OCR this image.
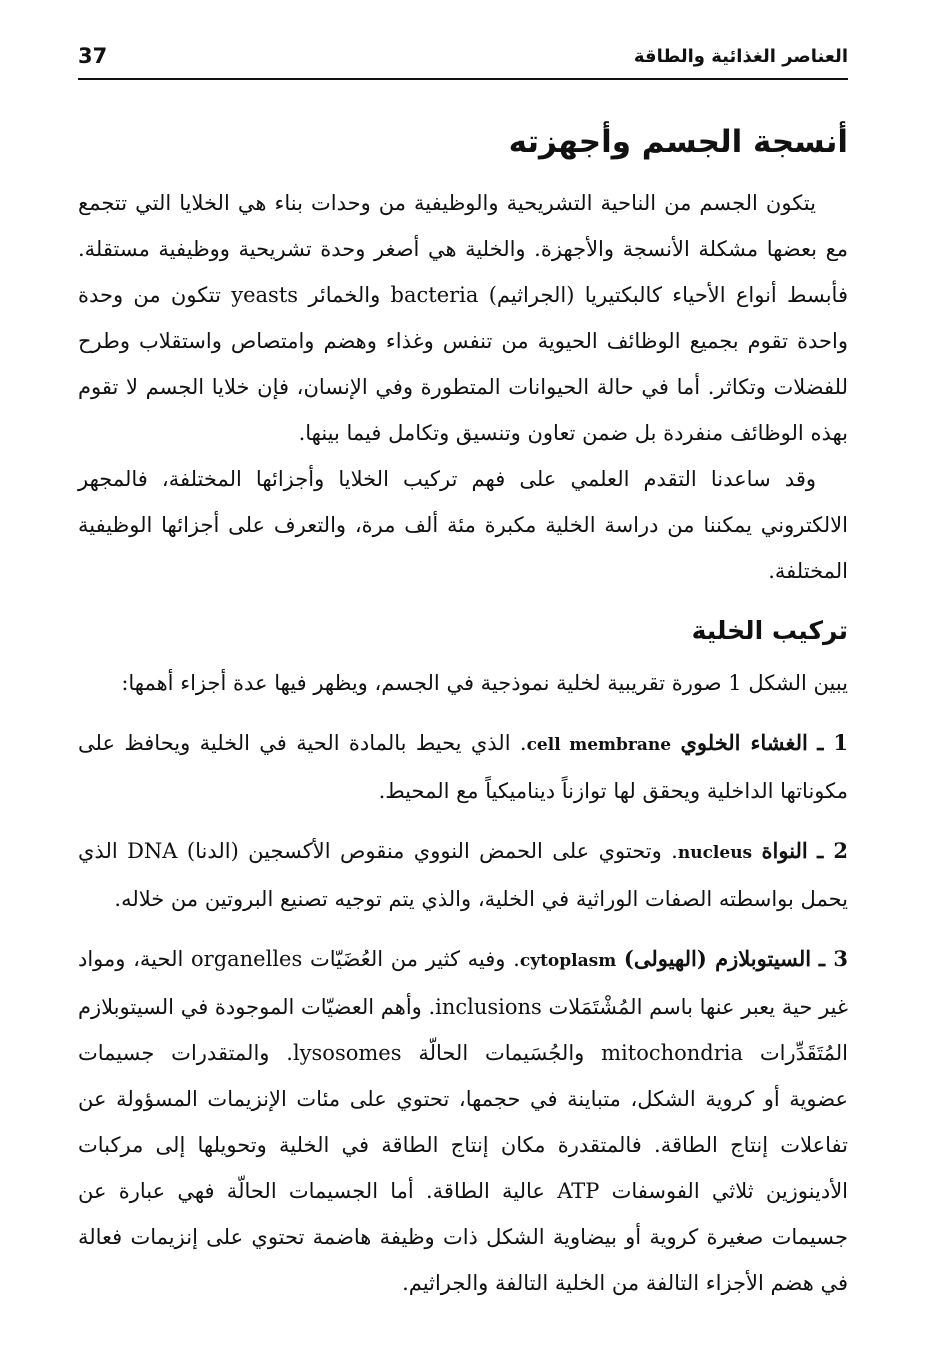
العناصر الغذائية والطاقة
37
أنسجة الجسم وأجهزته

يتكون الجسم من الناحية التشريحية والوظيفية من وحدات بناء هي الخلايا التي تتجمع مع بعضها مشكلة الأنسجة والأجهزة. والخلية هي أصغر وحدة تشريحية ووظيفية مستقلة. فأبسط أنواع الأحياء كالبكتيريا (الجراثيم) bacteria والخمائر yeasts تتكون من وحدة واحدة تقوم بجميع الوظائف الحيوية من تنفس وغذاء وهضم وامتصاص واستقلاب وطرح للفضلات وتكاثر. أما في حالة الحيوانات المتطورة وفي الإنسان، فإن خلايا الجسم لا تقوم بهذه الوظائف منفردة بل ضمن تعاون وتنسيق وتكامل فيما بينها.

وقد ساعدنا التقدم العلمي على فهم تركيب الخلايا وأجزائها المختلفة، فالمجهر الالكتروني يمكننا من دراسة الخلية مكبرة مئة ألف مرة، والتعرف على أجزائها الوظيفية المختلفة.

تركيب الخلية

يبين الشكل 1 صورة تقريبية لخلية نموذجية في الجسم، ويظهر فيها عدة أجزاء أهمها:

1 ـ الغشاء الخلوي cell membrane. الذي يحيط بالمادة الحية في الخلية ويحافظ على مكوناتها الداخلية ويحقق لها توازناً ديناميكياً مع المحيط.

2 ـ النواة nucleus. وتحتوي على الحمض النووي منقوص الأكسجين (الدنا) DNA الذي يحمل بواسطته الصفات الوراثية في الخلية، والذي يتم توجيه تصنيع البروتين من خلاله.

3 ـ السيتوبلازم (الهيولى) cytoplasm. وفيه كثير من العُضَيّات organelles الحية، ومواد غير حية يعبر عنها باسم المُشْتَمَلات inclusions. وأهم العضيّات الموجودة في السيتوبلازم المُتَقَدِّرات mitochondria والجُسَيمات الحالّة lysosomes. والمتقدرات جسيمات عضوية أو كروية الشكل، متباينة في حجمها، تحتوي على مئات الإنزيمات المسؤولة عن تفاعلات إنتاج الطاقة. فالمتقدرة مكان إنتاج الطاقة في الخلية وتحويلها إلى مركبات الأدينوزين ثلاثي الفوسفات ATP عالية الطاقة. أما الجسيمات الحالّة فهي عبارة عن جسيمات صغيرة كروية أو بيضاوية الشكل ذات وظيفة هاضمة تحتوي على إنزيمات فعالة في هضم الأجزاء التالفة من الخلية التالفة والجراثيم.
